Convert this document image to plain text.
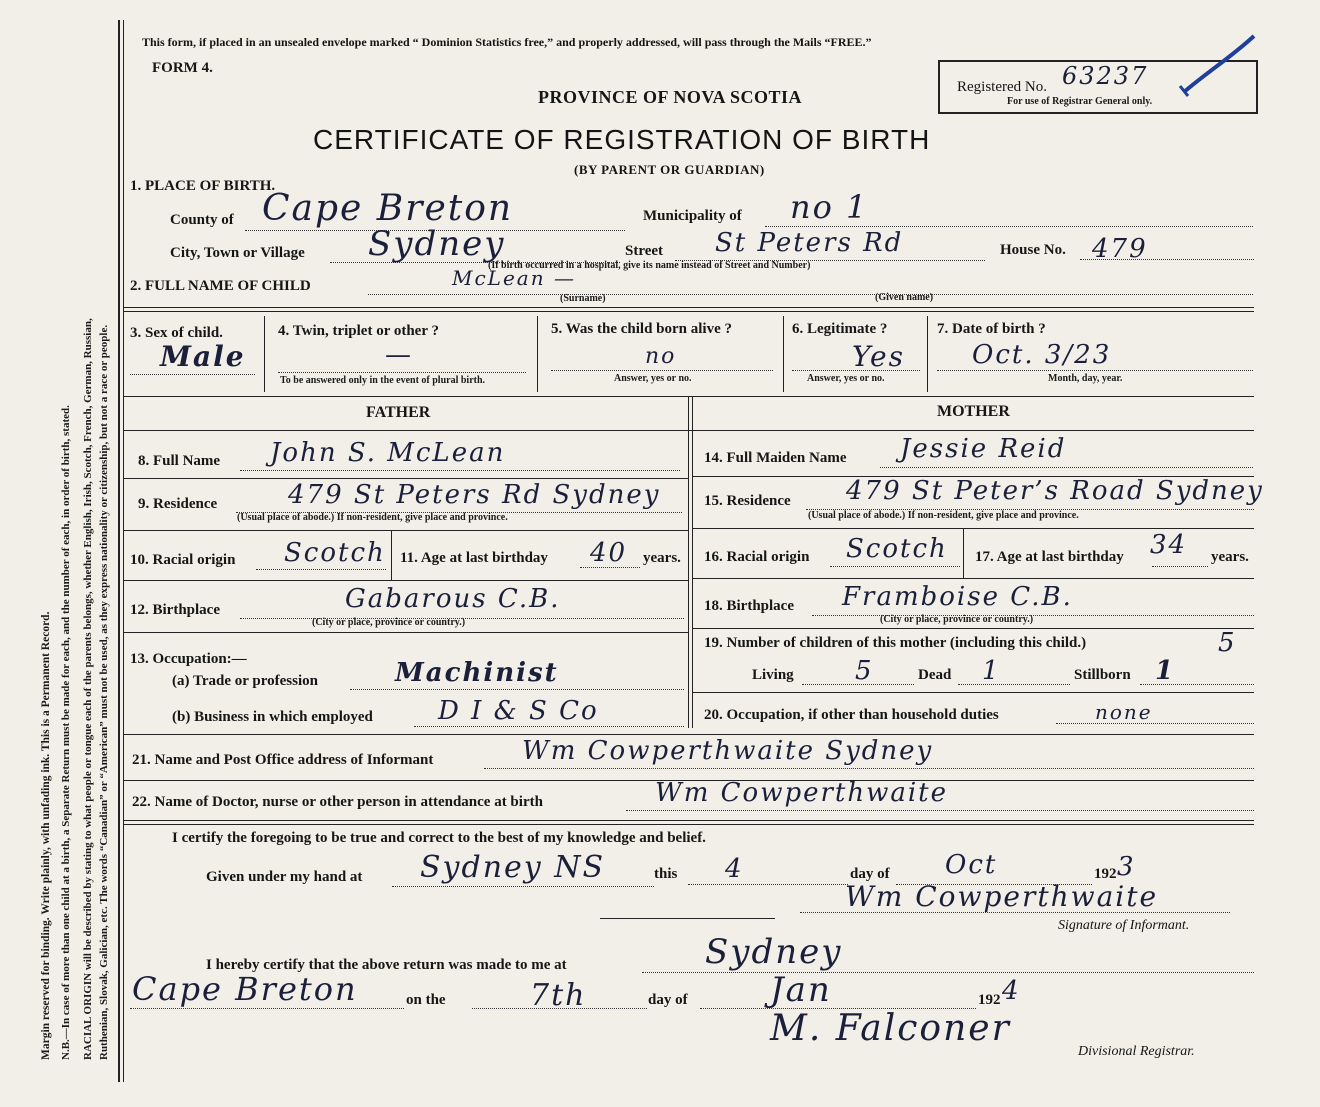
Margin reserved for binding. Write plainly, with unfading ink. This is a Permanent Record. N.B.—In case of more than one child at a birth, a Separate Return must be made for each, and the number of each, in order of birth, stated. RACIAL ORIGIN will be described by stating to what people or tongue each of the parents belongs, whether English, Irish, Scotch, French, German, Russian, Ruthenian, Slovak, Galician, etc. The words “Canadian” or “American” must not be used, as they express nationality or citizenship, but not a race or people.
This form, if placed in an unsealed envelope marked “ Dominion Statistics free,” and properly addressed, will pass through the Mails “FREE.”
FORM 4.
PROVINCE OF NOVA SCOTIA	Registered No. 63237
For use of Registrar General only.
CERTIFICATE OF REGISTRATION OF BIRTH
(BY PARENT OR GUARDIAN)
1. PLACE OF BIRTH.
County of Cape Breton	Municipality of no 1
City, Town or Village Sydney	Street St Peters Rd	House No. 479
(If birth occurred in a hospital, give its name instead of Street and Number)
2. FULL NAME OF CHILD	McLean —
(Surname)	(Given name)
3. Sex of child.
Male
4. Twin, triplet or other ?
—
To be answered only in the event of plural birth.
5. Was the child born alive ?
no
Answer, yes or no.
6. Legitimate ?
Yes
Answer, yes or no.
7. Date of birth ?
Oct. 3/23
Month, day, year.
FATHER	MOTHER
8. Full Name John S. McLean
9. Residence	479 St Peters Rd Sydney
(Usual place of abode.) If non-resident, give place and province.
10. Racial origin Scotch 11. Age at last birthday 40 years.
12. Birthplace	Gabarous C.B.
(City or place, province or country.)
13. Occupation:—
(a) Trade or profession	Machinist
(b) Business in which employed	D I & S Co
14. Full Maiden Name Jessie Reid
15. Residence 479 St Peter’s Road Sydney
(Usual place of abode.) If non-resident, give place and province.
16. Racial origin Scotch 17. Age at last birthday 34 years.
18. Birthplace Framboise C.B.
(City or place, province or country.)
19. Number of children of this mother (including this child.)	5
Living 5	Dead 1	Stillborn 1
20. Occupation, if other than household duties	none
21. Name and Post Office address of Informant	Wm Cowperthwaite Sydney
22. Name of Doctor, nurse or other person in attendance at birth	Wm Cowperthwaite
I certify the foregoing to be true and correct to the best of my knowledge and belief.
Given under my hand at Sydney NS	this 4	day of Oct	192 3
Wm Cowperthwaite
Signature of Informant.
I hereby certify that the above return was made to me at	Sydney
Cape Breton	on the	7th	day of Jan	192 4
M. Falconer
Divisional Registrar.
